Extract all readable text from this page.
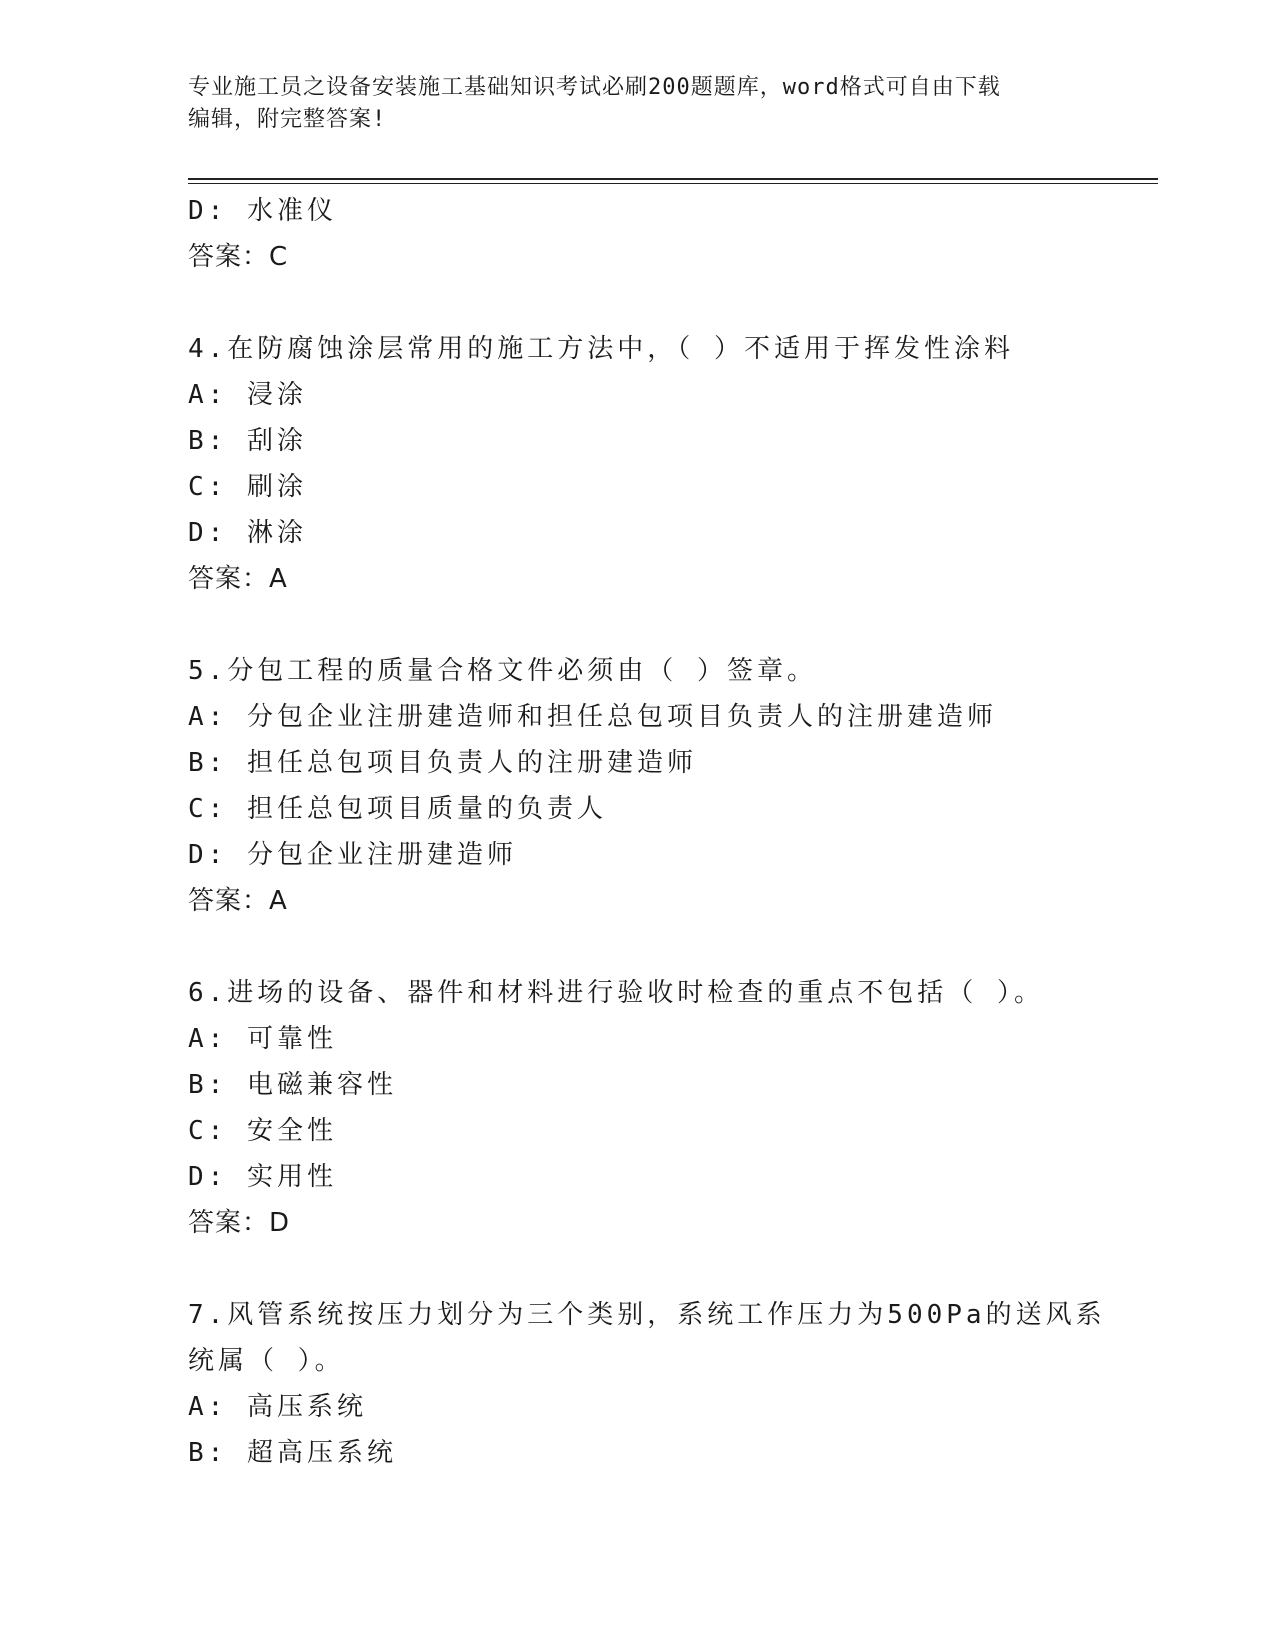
专业施工员之设备安装施工基础知识考试必刷200题题库，word格式可自由下载
编辑，附完整答案!
D: 水准仪
答案：C
4.在防腐蚀涂层常用的施工方法中，（ ）不适用于挥发性涂料
A: 浸涂
B: 刮涂
C: 刷涂
D: 淋涂
答案：A
5.分包工程的质量合格文件必须由（ ）签章。
A: 分包企业注册建造师和担任总包项目负责人的注册建造师
B: 担任总包项目负责人的注册建造师
C: 担任总包项目质量的负责人
D: 分包企业注册建造师
答案：A
6.进场的设备、器件和材料进行验收时检查的重点不包括（ ）。
A: 可靠性
B: 电磁兼容性
C: 安全性
D: 实用性
答案：D
7.风管系统按压力划分为三个类别，系统工作压力为500Pa的送风系
统属（ ）。
A: 高压系统
B: 超高压系统
